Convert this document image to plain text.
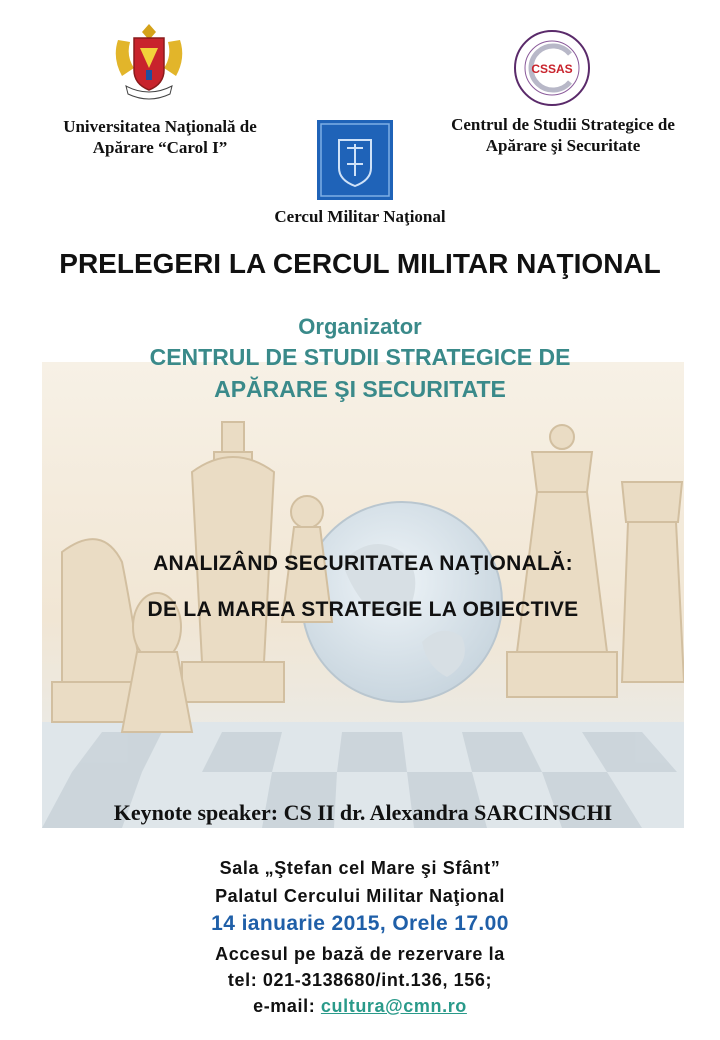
Universitatea Naţională de
Apărare “Carol I”
Cercul Militar Naţional
CSSAS
Centrul de Studii Strategice de
Apărare şi Securitate
PRELEGERI LA CERCUL MILITAR NAŢIONAL
Organizator
CENTRUL DE STUDII STRATEGICE DE
APĂRARE ŞI SECURITATE
ANALIZÂND SECURITATEA NAŢIONALĂ:
DE LA MAREA STRATEGIE LA OBIECTIVE
Keynote speaker: CS II dr. Alexandra SARCINSCHI
Sala „Ştefan cel Mare şi Sfânt”
Palatul Cercului Militar Naţional
14 ianuarie 2015, Orele 17.00
Accesul pe bază de rezervare la
tel: 021-3138680/int.136, 156;
e-mail: cultura@cmn.ro
